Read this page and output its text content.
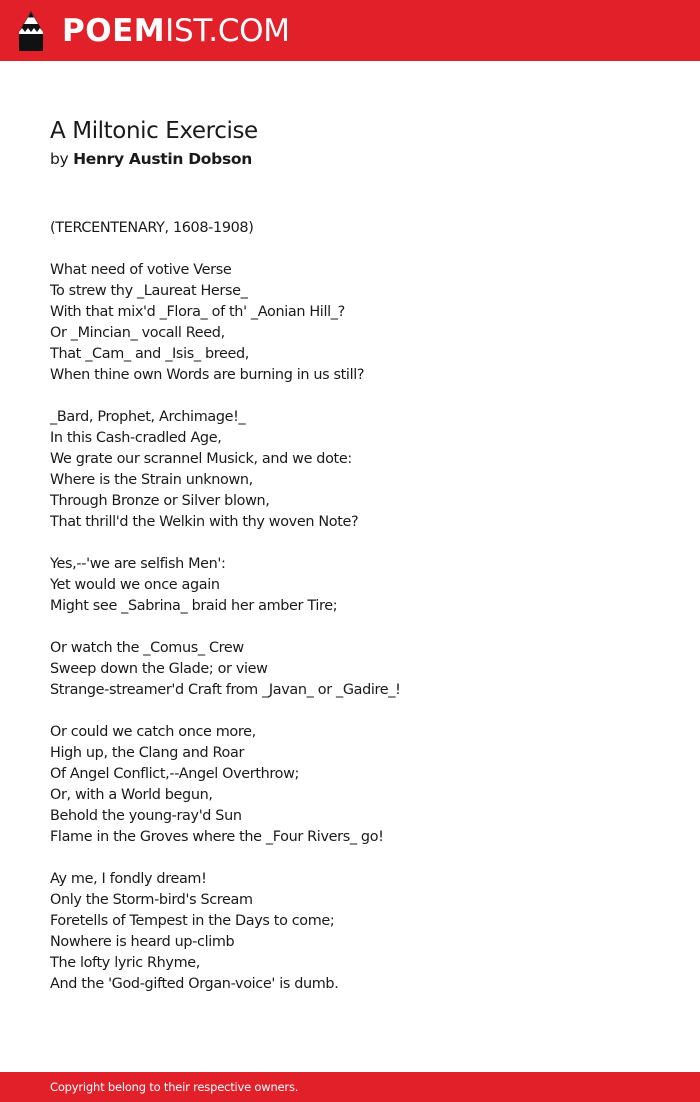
POEMIST.COM
A Miltonic Exercise
by Henry Austin Dobson
(TERCENTENARY, 1608-1908)
What need of votive Verse
To strew thy _Laureat Herse_
With that mix'd _Flora_ of th' _Aonian Hill_?
Or _Mincian_ vocall Reed,
That _Cam_ and _Isis_ breed,
When thine own Words are burning in us still?
_Bard, Prophet, Archimage!_
In this Cash-cradled Age,
We grate our scrannel Musick, and we dote:
Where is the Strain unknown,
Through Bronze or Silver blown,
That thrill'd the Welkin with thy woven Note?
Yes,--'we are selfish Men':
Yet would we once again
Might see _Sabrina_ braid her amber Tire;
Or watch the _Comus_ Crew
Sweep down the Glade; or view
Strange-streamer'd Craft from _Javan_ or _Gadire_!
Or could we catch once more,
High up, the Clang and Roar
Of Angel Conflict,--Angel Overthrow;
Or, with a World begun,
Behold the young-ray'd Sun
Flame in the Groves where the _Four Rivers_ go!
Ay me, I fondly dream!
Only the Storm-bird's Scream
Foretells of Tempest in the Days to come;
Nowhere is heard up-climb
The lofty lyric Rhyme,
And the 'God-gifted Organ-voice' is dumb.
Copyright belong to their respective owners.
